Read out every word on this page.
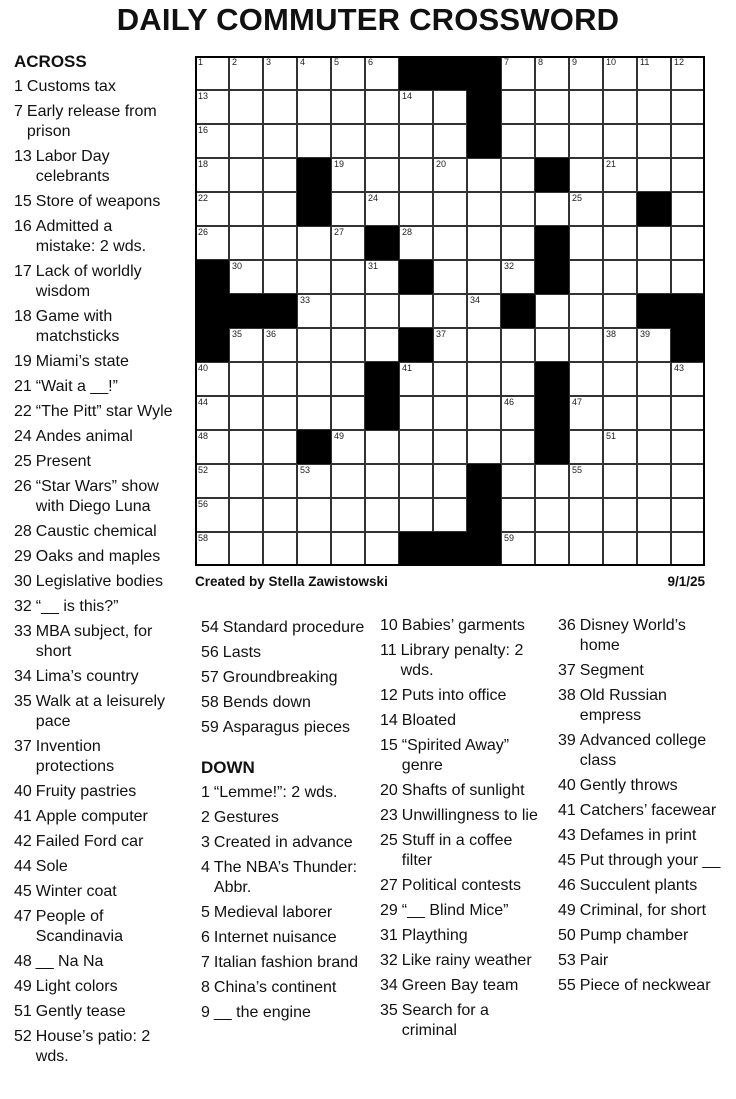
DAILY COMMUTER CROSSWORD
1	2	3	4	5	6	7	8	9	10	11	12
13	14
16
18	19	20	21
22	24	25
26	27	28
30	31	32
33	34
35	36	37	38	39
40	41	43
44	46	47
48	49	51
52	53	55
56
58	59
Created by Stella Zawistowski	9/1/25
ACROSS
1 Customs tax
7 Early release from prison
13 Labor Day celebrants
15 Store of weapons
16 Admitted a mistake: 2 wds.
17 Lack of worldly wisdom
18 Game with matchsticks
19 Miami’s state
21 “Wait a __!”
22 “The Pitt” star Wyle
24 Andes animal
25 Present
26 “Star Wars” show with Diego Luna
28 Caustic chemical
29 Oaks and maples
30 Legislative bodies
32 “__ is this?”
33 MBA subject, for short
34 Lima’s country
35 Walk at a leisurely pace
37 Invention protections
40 Fruity pastries
41 Apple computer
42 Failed Ford car
44 Sole
45 Winter coat
47 People of Scandinavia
48 __ Na Na
49 Light colors
51 Gently tease
52 House’s patio: 2 wds.
54 Standard procedure
56 Lasts
57 Groundbreaking
58 Bends down
59 Asparagus pieces
DOWN
1 “Lemme!”: 2 wds.
2 Gestures
3 Created in advance
4 The NBA’s Thunder: Abbr.
5 Medieval laborer
6 Internet nuisance
7 Italian fashion brand
8 China’s continent
9 __ the engine
10 Babies’ garments
11 Library penalty: 2 wds.
12 Puts into office
14 Bloated
15 “Spirited Away” genre
20 Shafts of sunlight
23 Unwillingness to lie
25 Stuff in a coffee filter
27 Political contests
29 “__ Blind Mice”
31 Plaything
32 Like rainy weather
34 Green Bay team
35 Search for a criminal
36 Disney World’s home
37 Segment
38 Old Russian empress
39 Advanced college class
40 Gently throws
41 Catchers’ facewear
43 Defames in print
45 Put through your __
46 Succulent plants
49 Criminal, for short
50 Pump chamber
53 Pair
55 Piece of neckwear
